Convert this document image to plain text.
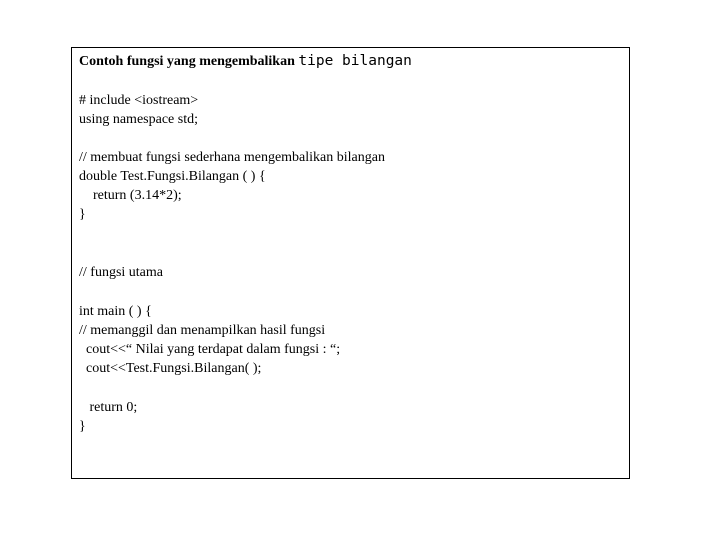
Contoh fungsi yang mengembalikan tipe bilangan
# include <iostream>
using namespace std;
// membuat fungsi sederhana mengembalikan bilangan
double Test.Fungsi.Bilangan ( ) {
return (3.14*2);
}
// fungsi utama
int main ( ) {
// memanggil dan menampilkan hasil fungsi
cout<<“ Nilai yang terdapat dalam fungsi : “;
cout<<Test.Fungsi.Bilangan( );
return 0;
}
